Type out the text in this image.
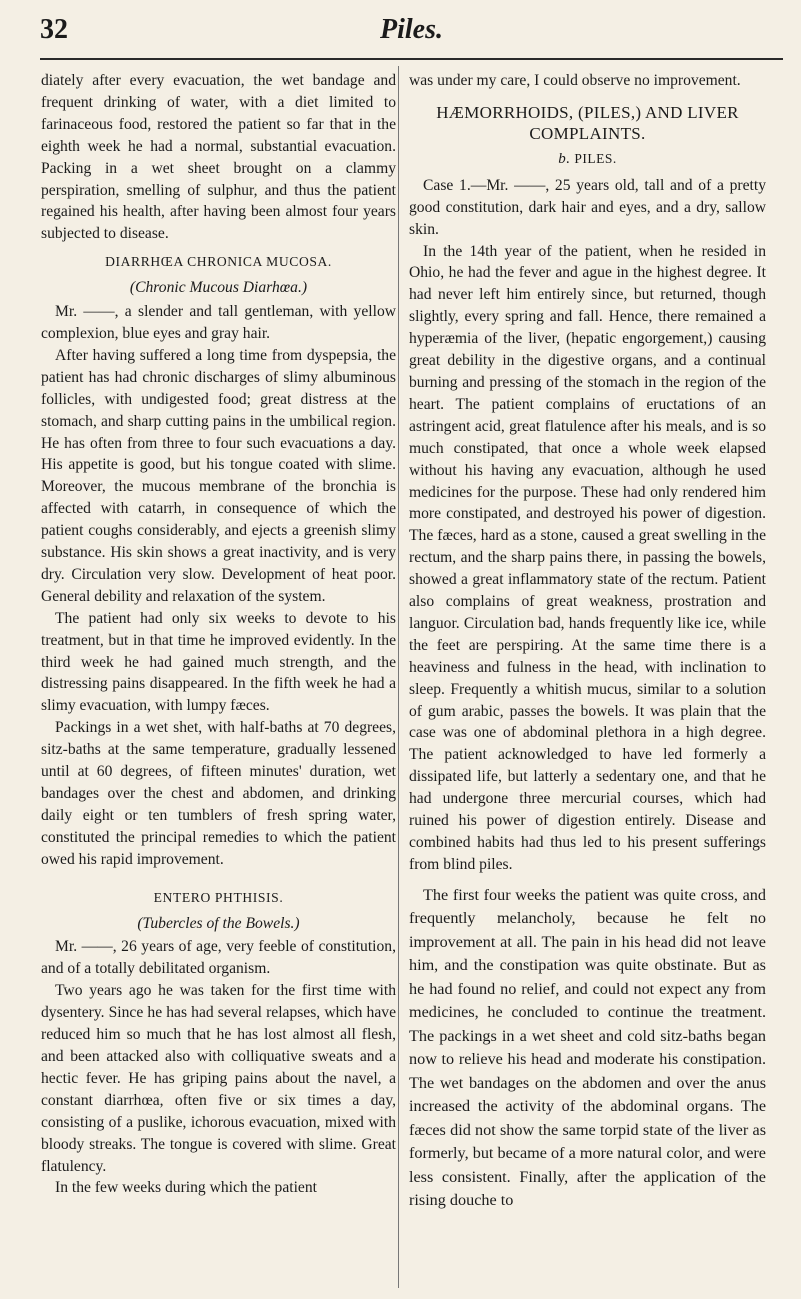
32	Piles.

diately after every evacuation, the wet bandage and frequent drinking of water, with a diet limited to farinaceous food, restored the patient so far that in the eighth week he had a normal, substantial evacuation. Packing in a wet sheet brought on a clammy perspiration, smelling of sulphur, and thus the patient regained his health, after having been almost four years subjected to disease.

DIARRHŒA CHRONICA MUCOSA.
(Chronic Mucous Diarhœa.)

Mr. ——, a slender and tall gentleman, with yellow complexion, blue eyes and gray hair.

After having suffered a long time from dyspepsia, the patient has had chronic discharges of slimy albuminous follicles, with undigested food; great distress at the stomach, and sharp cutting pains in the umbilical region. He has often from three to four such evacuations a day. His appetite is good, but his tongue coated with slime. Moreover, the mucous membrane of the bronchia is affected with catarrh, in consequence of which the patient coughs considerably, and ejects a greenish slimy substance. His skin shows a great inactivity, and is very dry. Circulation very slow. Development of heat poor. General debility and relaxation of the system.

The patient had only six weeks to devote to his treatment, but in that time he improved evidently. In the third week he had gained much strength, and the distressing pains disappeared. In the fifth week he had a slimy evacuation, with lumpy fæces.

Packings in a wet shet, with half-baths at 70 degrees, sitz-baths at the same temperature, gradually lessened until at 60 degrees, of fifteen minutes' duration, wet bandages over the chest and abdomen, and drinking daily eight or ten tumblers of fresh spring water, constituted the principal remedies to which the patient owed his rapid improvement.

ENTERO PHTHISIS.
(Tubercles of the Bowels.)

Mr. ——, 26 years of age, very feeble of constitution, and of a totally debilitated organism.

Two years ago he was taken for the first time with dysentery. Since he has had several relapses, which have reduced him so much that he has lost almost all flesh, and been attacked also with colliquative sweats and a hectic fever. He has griping pains about the navel, a constant diarrhœa, often five or six times a day, consisting of a puslike, ichorous evacuation, mixed with bloody streaks. The tongue is covered with slime. Great flatulency.

In the few weeks during which the patient

was under my care, I could observe no improvement.

HÆMORRHOIDS, (PILES,) AND LIVER COMPLAINTS.
b. PILES.

Case 1.—Mr. ——, 25 years old, tall and of a pretty good constitution, dark hair and eyes, and a dry, sallow skin.

In the 14th year of the patient, when he resided in Ohio, he had the fever and ague in the highest degree. It had never left him entirely since, but returned, though slightly, every spring and fall. Hence, there remained a hyperæmia of the liver, (hepatic engorgement,) causing great debility in the digestive organs, and a continual burning and pressing of the stomach in the region of the heart. The patient complains of eructations of an astringent acid, great flatulence after his meals, and is so much constipated, that once a whole week elapsed without his having any evacuation, although he used medicines for the purpose. These had only rendered him more constipated, and destroyed his power of digestion. The fæces, hard as a stone, caused a great swelling in the rectum, and the sharp pains there, in passing the bowels, showed a great inflammatory state of the rectum. Patient also complains of great weakness, prostration and languor. Circulation bad, hands frequently like ice, while the feet are perspiring. At the same time there is a heaviness and fulness in the head, with inclination to sleep. Frequently a whitish mucus, similar to a solution of gum arabic, passes the bowels. It was plain that the case was one of abdominal plethora in a high degree. The patient acknowledged to have led formerly a dissipated life, but latterly a sedentary one, and that he had undergone three mercurial courses, which had ruined his power of digestion entirely. Disease and combined habits had thus led to his present sufferings from blind piles.

The first four weeks the patient was quite cross, and frequently melancholy, because he felt no improvement at all. The pain in his head did not leave him, and the constipation was quite obstinate. But as he had found no relief, and could not expect any from medicines, he concluded to continue the treatment. The packings in a wet sheet and cold sitz-baths began now to relieve his head and moderate his constipation. The wet bandages on the abdomen and over the anus increased the activity of the abdominal organs. The fæces did not show the same torpid state of the liver as formerly, but became of a more natural color, and were less consistent. Finally, after the application of the rising douche to
